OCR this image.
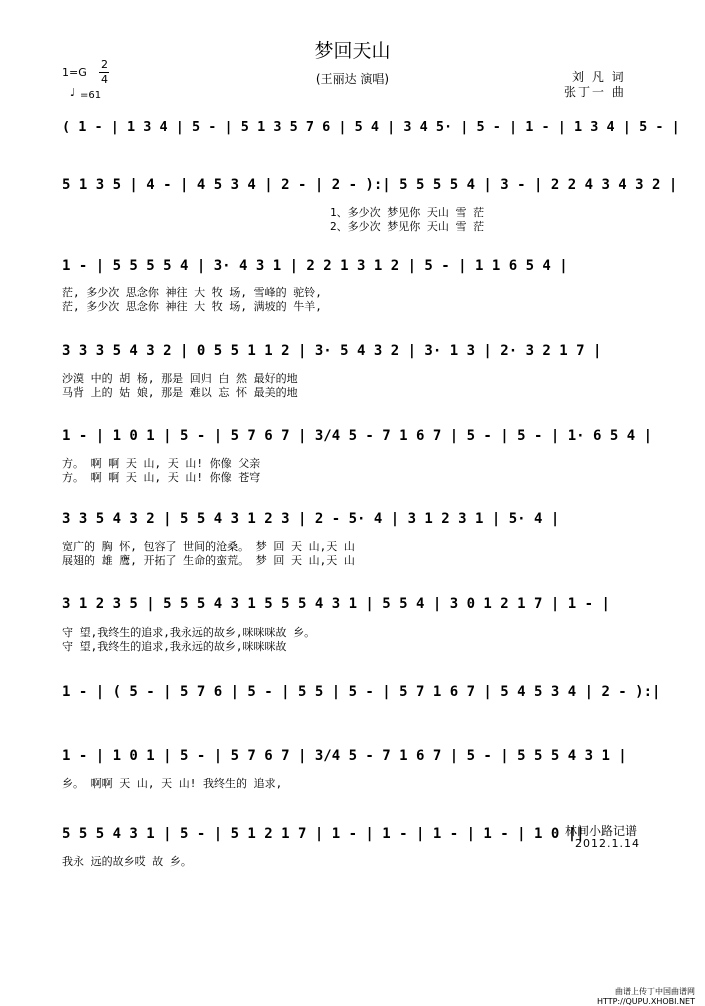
梦回天山
(王丽达 演唱)
1=G
2
4
♩ =61
刘 凡 词
张丁一 曲
( 1 - | 1 3 4 | 5 - | 5 1 3 5 7 6 | 5 4 | 3 4 5· | 5 - | 1 - | 1 3 4 | 5 - |
5 1 3 5 | 4 - | 4 5 3 4 | 2 - | 2 - ):| 5 5 5 5 4 | 3 - | 2 2 4 3 4 3 2 |
1、多少次 梦见你 天山 雪 茫
2、多少次 梦见你 天山 雪 茫
1 - | 5 5 5 5 4 | 3· 4 3 1 | 2 2 1 3 1 2 | 5 - | 1 1 6 5 4 |
茫, 多少次 思念你 神往 大 牧 场, 雪峰的 驼铃,
茫, 多少次 思念你 神往 大 牧 场, 满坡的 牛羊,
3 3 3 5 4 3 2 | 0 5 5 1 1 2 | 3· 5 4 3 2 | 3· 1 3 | 2· 3 2 1 7 |
沙漠 中的 胡 杨, 那是 回归 白 然 最好的地
马背 上的 姑 娘, 那是 难以 忘 怀 最美的地
1 - | 1 0 1 | 5 - | 5 7 6 7 | 3/4 5 - 7 1 6 7 | 5 - | 5 - | 1· 6 5 4 |
方。 啊 啊 天 山, 天 山! 你像 父亲
方。 啊 啊 天 山, 天 山! 你像 苍穹
3 3 5 4 3 2 | 5 5 4 3 1 2 3 | 2 - 5· 4 | 3 1 2 3 1 | 5· 4 |
宽广的 胸 怀, 包容了 世间的沧桑。 梦 回 天 山,天 山
展翅的 雄 鹰, 开拓了 生命的蛮荒。 梦 回 天 山,天 山
3 1 2 3 5 | 5 5 5 4 3 1 5 5 5 4 3 1 | 5 5 4 | 3 0 1 2 1 7 | 1 - |
守 望,我终生的追求,我永远的故乡,咪咪咪故 乡。
守 望,我终生的追求,我永远的故乡,咪咪咪故
1 - | ( 5 - | 5 7 6 | 5 - | 5 5 | 5 - | 5 7 1 6 7 | 5 4 5 3 4 | 2 - ):|
1 - | 1 0 1 | 5 - | 5 7 6 7 | 3/4 5 - 7 1 6 7 | 5 - | 5 5 5 4 3 1 |
乡。 啊啊 天 山, 天 山! 我终生的 追求,
5 5 5 4 3 1 | 5 - | 5 1 2 1 7 | 1 - | 1 - | 1 - | 1 - | 1 0 ||
我永 远的故乡哎 故 乡。
林间小路记谱
2012.1.14
曲谱上传丁中国曲谱网
HTTP://QUPU.XHOBI.NET
